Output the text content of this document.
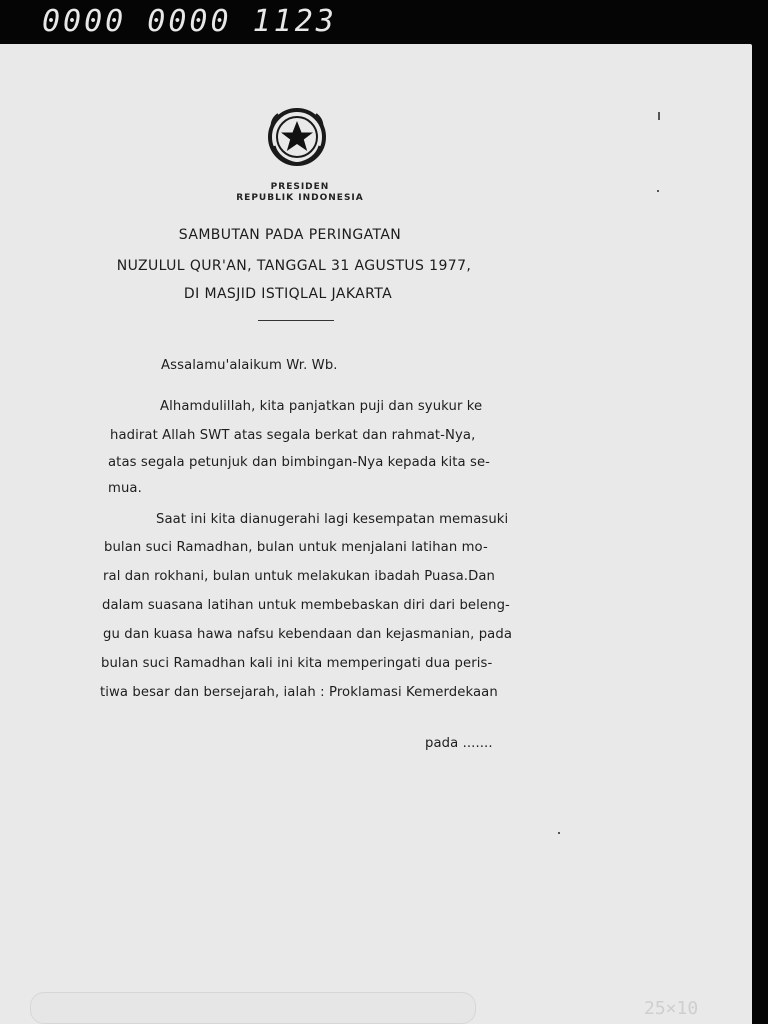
0000 0000 1123
PRESIDEN
REPUBLIK INDONESIA
SAMBUTAN PADA PERINGATAN
NUZULUL QUR'AN, TANGGAL 31 AGUSTUS 1977,
DI MASJID ISTIQLAL JAKARTA
Assalamu'alaikum Wr. Wb.
Alhamdulillah, kita panjatkan puji dan syukur ke
hadirat Allah SWT atas segala berkat dan rahmat-Nya,
atas segala petunjuk dan bimbingan-Nya kepada kita se-
mua.
Saat ini kita dianugerahi lagi kesempatan memasuki
bulan suci Ramadhan, bulan untuk menjalani latihan mo-
ral dan rokhani, bulan untuk melakukan ibadah Puasa.Dan
dalam suasana latihan untuk membebaskan diri dari beleng-
gu dan kuasa hawa nafsu kebendaan dan kejasmanian, pada
bulan suci Ramadhan kali ini kita memperingati dua peris-
tiwa besar dan bersejarah, ialah : Proklamasi Kemerdekaan
pada .......
25×10
